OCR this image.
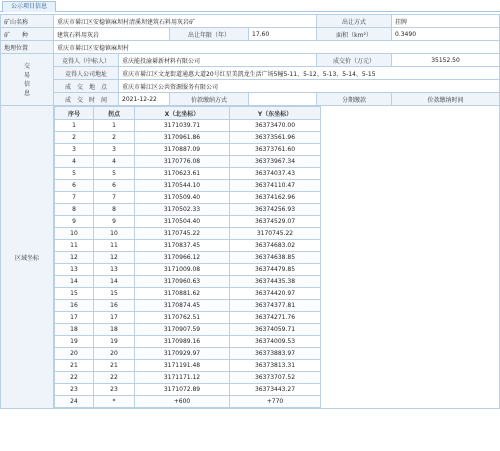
公示项目信息
矿山名称	重庆市綦江区安稳镇麻坝村清溪坝建筑石料用灰岩矿	出让方式	挂牌
矿　　种	建筑石料用灰岩	出让年限（年）	17.60	面积（km²）	0.3490
地理位置	重庆市綦江区安稳镇麻坝村
交
易
信
息	竞得人（中标人）	重庆能投渝綦新材料有限公司	成交价（万元）	35152.50
竞得人公司地址	重庆市綦江区文龙街道通惠大道20号红星美凯龙生活广场5幢5-11、5-12、5-13、5-14、5-15
成　交　地　点	重庆市綦江区公共资源服务有限公司
成　交　时　间	2021-12-22	价款缴纳方式		分期缴款	价款缴纳时间
区域坐标	
序号	拐点	X（北坐标）	Y（东坐标）
1	1	3171039.71	36373470.00
2	2	3170961.86	36373561.96
3	3	3170887.09	36373761.60
4	4	3170776.08	36373967.34
5	5	3170623.61	36374037.43
6	6	3170544.10	36374110.47
7	7	3170509.40	36374162.96
8	8	3170502.33	36374256.93
9	9	3170504.40	36374529.07
10	10	3170745.22	3170745.22
11	11	3170837.45	36374683.02
12	12	3170966.12	36374638.85
13	13	3171009.08	36374479.85
14	14	3170960.63	36374435.38
15	15	3170881.62	36374420.97
16	16	3170874.45	36374377.81
17	17	3170762.51	36374271.76
18	18	3170907.59	36374059.71
19	19	3170989.16	36374009.53
20	20	3170929.97	36373883.97
21	21	3171191.48	36373813.31
22	22	3171171.12	36373707.52
23	23	3171072.89	36373443.27
24	*	+600	+770
